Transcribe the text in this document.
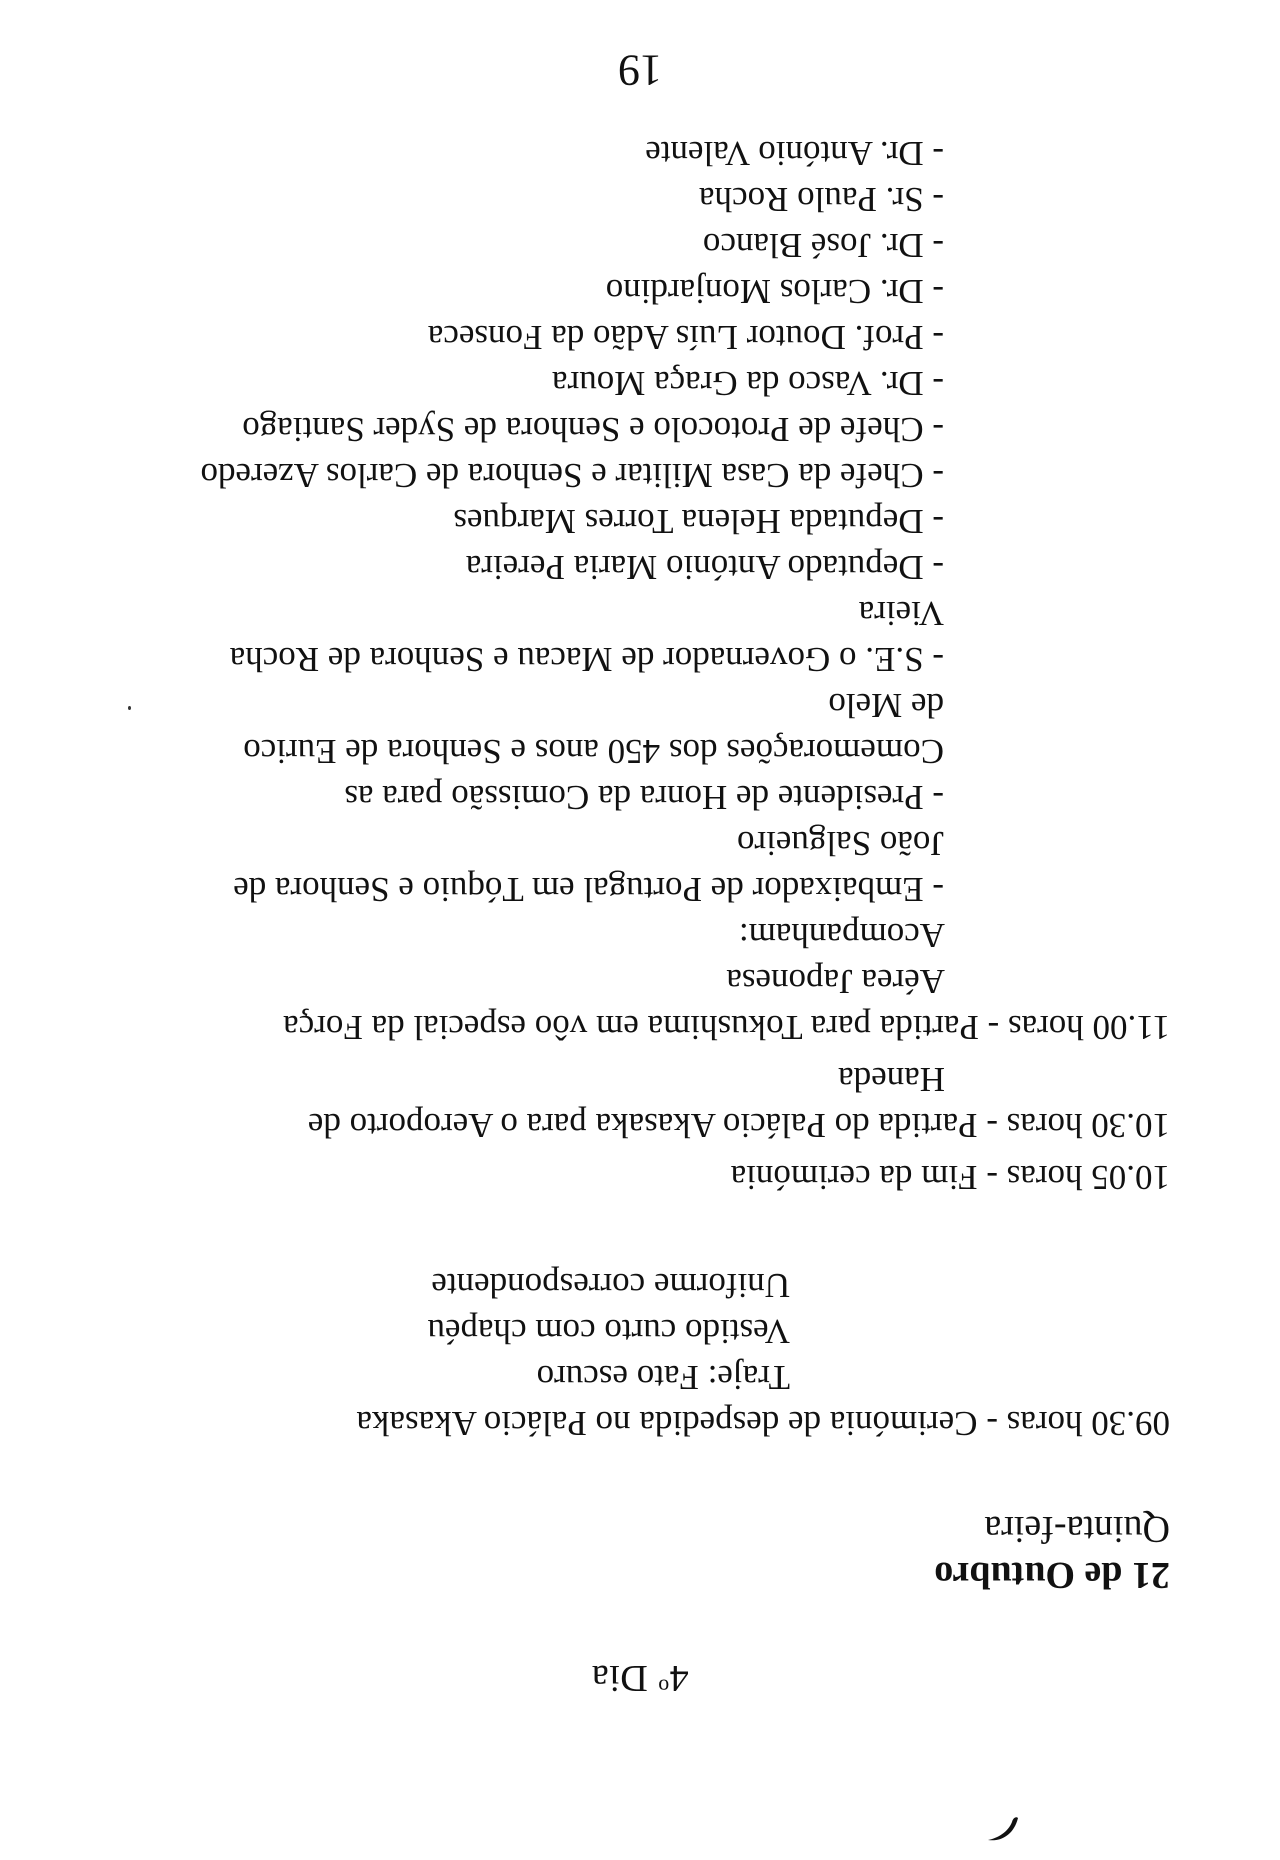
4$^o$ Dia
21 de Outubro
Quinta-feira
09.30 horas - Cerimónia de despedida no Palácio Akasaka
Traje: Fato escuro
Vestido curto com chapéu
Uniforme correspondente
10.05 horas - Fim da cerimónia
10.30 horas - Partida do Palácio Akasaka para o Aeroporto de
Haneda
11.00 horas - Partida para Tokushima em vôo especial da Força
Aérea Japonesa
Acompanham:
- Embaixador de Portugal em Tóquio e Senhora de
João Salgueiro
- Presidente de Honra da Comissão para as
Comemorações dos 450 anos e Senhora de Eurico
de Melo
- S.E. o Governador de Macau e Senhora de Rocha
Vieira
- Deputado António Maria Pereira
- Deputada Helena Torres Marques
- Chefe da Casa Militar e Senhora de Carlos Azeredo
- Chefe de Protocolo e Senhora de Syder Santiago
- Dr. Vasco da Graça Moura
- Prof. Doutor Luís Adão da Fonseca
- Dr. Carlos Monjardino
- Dr. José Blanco
- Sr. Paulo Rocha
- Dr. António Valente
19
